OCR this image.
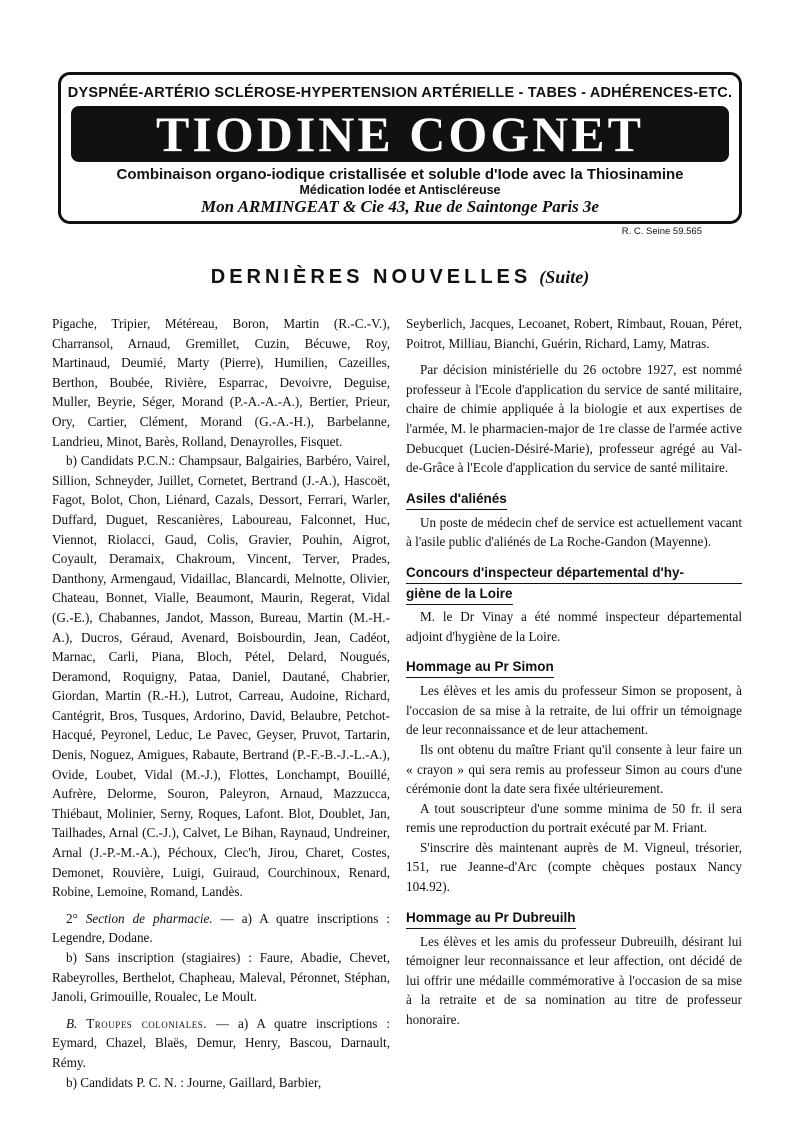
DYSPNÉE-ARTÉRIO SCLÉROSE-HYPERTENSION ARTÉRIELLE - TABES - ADHÉRENCES-ETC.
TIODINE COGNET
Combinaison organo-iodique cristallisée et soluble d'Iode avec la Thiosinamine
Médication Iodée et Antiscléreuse
Mon ARMINGEAT & Cie 43, Rue de Saintonge Paris 3e
R. C. Seine 59.565
DERNIÈRES NOUVELLES (Suite)

Pigache, Tripier, Météreau, Boron, Martin (R.-C.-V.), Charransol, Arnaud, Gremillet, Cuzin, Bécuwe, Roy, Martinaud, Deumié, Marty (Pierre), Humilien, Cazeilles, Berthon, Boubée, Rivière, Esparrac, Devoivre, Deguise, Muller, Beyrie, Séger, Morand (P.-A.-A.-A.), Bertier, Prieur, Ory, Cartier, Clément, Morand (G.-A.-H.), Barbelanne, Landrieu, Minot, Barès, Rolland, Denayrolles, Fisquet.

b) Candidats P.C.N.: Champsaur, Balgairies, Barbéro, Vairel, Sillion, Schneyder, Juillet, Cornetet, Bertrand (J.-A.), Hascoët, Fagot, Bolot, Chon, Liénard, Cazals, Dessort, Ferrari, Warler, Duffard, Duguet, Rescanières, Laboureau, Falconnet, Huc, Viennot, Riolacci, Gaud, Colis, Gravier, Pouhin, Aigrot, Coyault, Deramaix, Chakroum, Vincent, Terver, Prades, Danthony, Armengaud, Vidaillac, Blancardi, Melnotte, Olivier, Chateau, Bonnet, Vialle, Beaumont, Maurin, Regerat, Vidal (G.-E.), Chabannes, Jandot, Masson, Bureau, Martin (M.-H.-A.), Ducros, Géraud, Avenard, Boisbourdin, Jean, Cadéot, Marnac, Carli, Piana, Bloch, Pétel, Delard, Nougués, Deramond, Roquigny, Pataa, Daniel, Dautané, Chabrier, Giordan, Martin (R.-H.), Lutrot, Carreau, Audoine, Richard, Cantégrit, Bros, Tusques, Ardorino, David, Belaubre, Petchot-Hacqué, Peyronel, Leduc, Le Pavec, Geyser, Pruvot, Tartarin, Denis, Noguez, Amigues, Rabaute, Bertrand (P.-F.-B.-J.-L.-A.), Ovide, Loubet, Vidal (M.-J.), Flottes, Lonchampt, Bouillé, Aufrère, Delorme, Souron, Paleyron, Arnaud, Mazzucca, Thiébaut, Molinier, Serny, Roques, Lafont. Blot, Doublet, Jan, Tailhades, Arnal (C.-J.), Calvet, Le Bihan, Raynaud, Undreiner, Arnal (J.-P.-M.-A.), Péchoux, Clec'h, Jirou, Charet, Costes, Demonet, Rouvière, Luigi, Guiraud, Courchinoux, Renard, Robine, Lemoine, Romand, Landès.

2° Section de pharmacie. — a) A quatre inscriptions : Legendre, Dodane.

b) Sans inscription (stagiaires) : Faure, Abadie, Chevet, Rabeyrolles, Berthelot, Chapheau, Maleval, Péronnet, Stéphan, Janoli, Grimouille, Roualec, Le Moult.

B. Troupes coloniales. — a) A quatre inscriptions : Eymard, Chazel, Blaës, Demur, Henry, Bascou, Darnault, Rémy.

b) Candidats P. C. N. : Journe, Gaillard, Barbier,

Seyberlich, Jacques, Lecoanet, Robert, Rimbaut, Rouan, Péret, Poitrot, Milliau, Bianchi, Guérin, Richard, Lamy, Matras.

Par décision ministérielle du 26 octobre 1927, est nommé professeur à l'Ecole d'application du service de santé militaire, chaire de chimie appliquée à la biologie et aux expertises de l'armée, M. le pharmacien-major de 1re classe de l'armée active Debucquet (Lucien-Désiré-Marie), professeur agrégé au Val-de-Grâce à l'Ecole d'application du service de santé militaire.

Asiles d'aliénés

Un poste de médecin chef de service est actuellement vacant à l'asile public d'aliénés de La Roche-Gandon (Mayenne).

Concours d'inspecteur départemental d'hy-
giène de la Loire

M. le Dr Vinay a été nommé inspecteur départemental adjoint d'hygiène de la Loire.

Hommage au Pr Simon

Les élèves et les amis du professeur Simon se proposent, à l'occasion de sa mise à la retraite, de lui offrir un témoignage de leur reconnaissance et de leur attachement.

Ils ont obtenu du maître Friant qu'il consente à leur faire un « crayon » qui sera remis au professeur Simon au cours d'une cérémonie dont la date sera fixée ultérieurement.

A tout souscripteur d'une somme minima de 50 fr. il sera remis une reproduction du portrait exécuté par M. Friant.

S'inscrire dès maintenant auprès de M. Vigneul, trésorier, 151, rue Jeanne-d'Arc (compte chèques postaux Nancy 104.92).

Hommage au Pr Dubreuilh

Les élèves et les amis du professeur Dubreuilh, désirant lui témoigner leur reconnaissance et leur affection, ont décidé de lui offrir une médaille commémorative à l'occasion de sa mise à la retraite et de sa nomination au titre de professeur honoraire.
